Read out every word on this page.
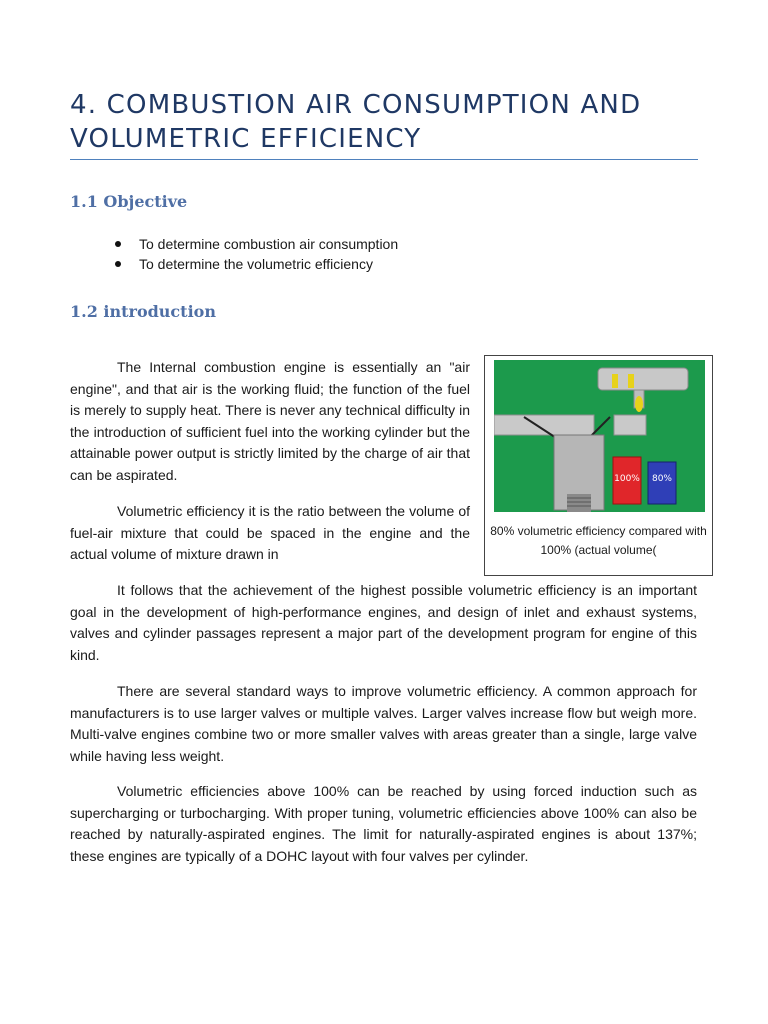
4. COMBUSTION AIR CONSUMPTION AND
VOLUMETRIC EFFICIENCY
1.1 Objective
To determine combustion air consumption
To determine the volumetric efficiency
1.2 introduction

The Internal combustion engine is essentially an "air engine", and that air is the working fluid; the function of the fuel is merely to supply heat. There is never any technical difficulty in the introduction of sufficient fuel into the working cylinder but the attainable power output is strictly limited by the charge of air that can be aspirated.

Volumetric efficiency it is the ratio between the volume of fuel-air mixture that could be spaced in the engine and the actual volume of mixture drawn in

It follows that the achievement of the highest possible volumetric efficiency is an important goal in the development of high-performance engines, and design of inlet and exhaust systems, valves and cylinder passages represent a major part of the development program for engine of this kind.

There are several standard ways to improve volumetric efficiency. A common approach for manufacturers is to use larger valves or multiple valves. Larger valves increase flow but weigh more. Multi-valve engines combine two or more smaller valves with areas greater than a single, large valve while having less weight.

Volumetric efficiencies above 100% can be reached by using forced induction such as supercharging or turbocharging. With proper tuning, volumetric efficiencies above 100% can also be reached by naturally-aspirated engines. The limit for naturally-aspirated engines is about 137%; these engines are typically of a DOHC layout with four valves per cylinder.

100% 80%

80% volumetric efficiency compared with 100% (actual volume(
